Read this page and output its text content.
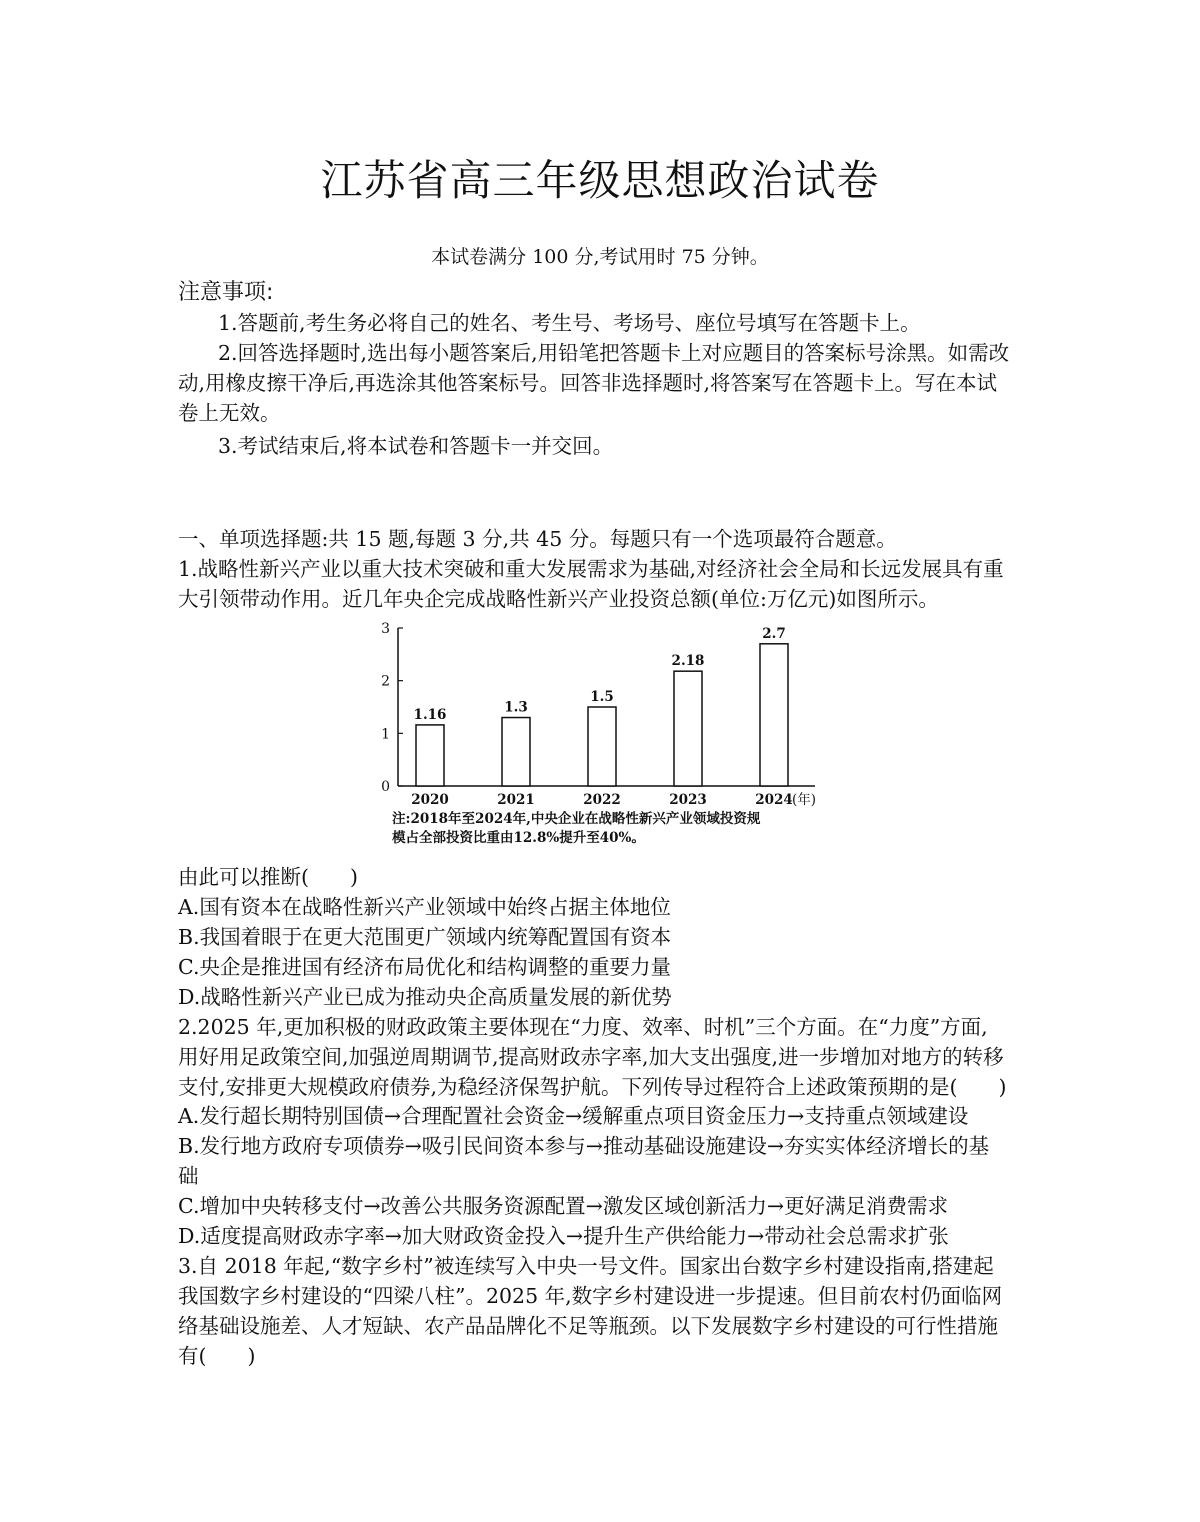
江苏省高三年级思想政治试卷
本试卷满分 100 分,考试用时 75 分钟。
注意事项:
1.答题前,考生务必将自己的姓名、考生号、考场号、座位号填写在答题卡上。
2.回答选择题时,选出每小题答案后,用铅笔把答题卡上对应题目的答案标号涂黑。如需改
动,用橡皮擦干净后,再选涂其他答案标号。回答非选择题时,将答案写在答题卡上。写在本试
卷上无效。
3.考试结束后,将本试卷和答题卡一并交回。
一、单项选择题:共 15 题,每题 3 分,共 45 分。每题只有一个选项最符合题意。
1.战略性新兴产业以重大技术突破和重大发展需求为基础,对经济社会全局和长远发展具有重
大引领带动作用。近几年央企完成战略性新兴产业投资总额(单位:万亿元)如图所示。
0
1
2
3
1.16
2020
1.3
2021
1.5
2022
2.18
2023
2.7
2024 (年)
注:2018年至2024年,中央企业在战略性新兴产业领域投资规
模占全部投资比重由12.8%提升至40%。
由此可以推断(　　)
A.国有资本在战略性新兴产业领域中始终占据主体地位
B.我国着眼于在更大范围更广领域内统筹配置国有资本
C.央企是推进国有经济布局优化和结构调整的重要力量
D.战略性新兴产业已成为推动央企高质量发展的新优势
2.2025 年,更加积极的财政政策主要体现在“力度、效率、时机”三个方面。在“力度”方面,
用好用足政策空间,加强逆周期调节,提高财政赤字率,加大支出强度,进一步增加对地方的转移
支付,安排更大规模政府债券,为稳经济保驾护航。下列传导过程符合上述政策预期的是(　　)
A.发行超长期特别国债→合理配置社会资金→缓解重点项目资金压力→支持重点领域建设
B.发行地方政府专项债券→吸引民间资本参与→推动基础设施建设→夯实实体经济增长的基
础
C.增加中央转移支付→改善公共服务资源配置→激发区域创新活力→更好满足消费需求
D.适度提高财政赤字率→加大财政资金投入→提升生产供给能力→带动社会总需求扩张
3.自 2018 年起,“数字乡村”被连续写入中央一号文件。国家出台数字乡村建设指南,搭建起
我国数字乡村建设的“四梁八柱”。2025 年,数字乡村建设进一步提速。但目前农村仍面临网
络基础设施差、人才短缺、农产品品牌化不足等瓶颈。以下发展数字乡村建设的可行性措施
有(　　)
